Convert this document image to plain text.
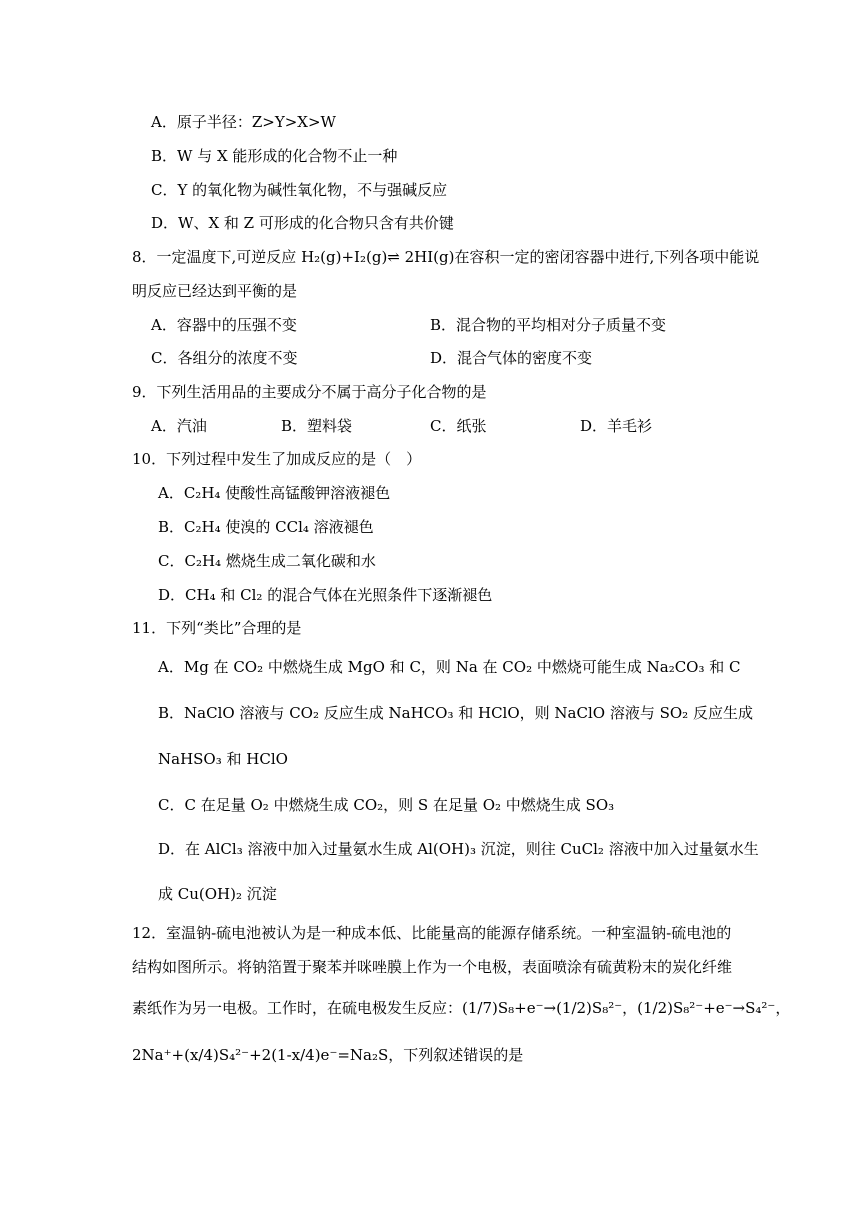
A．原子半径：Z>Y>X>W
B．W 与 X 能形成的化合物不止一种
C．Y 的氧化物为碱性氧化物，不与强碱反应
D．W、X 和 Z 可形成的化合物只含有共价键
8．一定温度下,可逆反应 H₂(g)+I₂(g)⇌ 2HI(g)在容积一定的密闭容器中进行,下列各项中能说
明反应已经达到平衡的是
A．容器中的压强不变	B．混合物的平均相对分子质量不变
C．各组分的浓度不变	D．混合气体的密度不变
9．下列生活用品的主要成分不属于高分子化合物的是
A．汽油	B．塑料袋	C．纸张	D．羊毛衫
10．下列过程中发生了加成反应的是（　）
A．C₂H₄ 使酸性高锰酸钾溶液褪色
B．C₂H₄ 使溴的 CCl₄ 溶液褪色
C．C₂H₄ 燃烧生成二氧化碳和水
D．CH₄ 和 Cl₂ 的混合气体在光照条件下逐渐褪色
11．下列“类比”合理的是
A．Mg 在 CO₂ 中燃烧生成 MgO 和 C，则 Na 在 CO₂ 中燃烧可能生成 Na₂CO₃ 和 C
B．NaClO 溶液与 CO₂ 反应生成 NaHCO₃ 和 HClO，则 NaClO 溶液与 SO₂ 反应生成
NaHSO₃ 和 HClO
C．C 在足量 O₂ 中燃烧生成 CO₂，则 S 在足量 O₂ 中燃烧生成 SO₃
D．在 AlCl₃ 溶液中加入过量氨水生成 Al(OH)₃ 沉淀，则往 CuCl₂ 溶液中加入过量氨水生
成 Cu(OH)₂ 沉淀
12．室温钠-硫电池被认为是一种成本低、比能量高的能源存储系统。一种室温钠-硫电池的
结构如图所示。将钠箔置于聚苯并咪唑膜上作为一个电极，表面喷涂有硫黄粉末的炭化纤维
素纸作为另一电极。工作时，在硫电极发生反应：(1/7)S₈+e⁻→(1/2)S₈²⁻，(1/2)S₈²⁻+e⁻→S₄²⁻，
2Na⁺+(x/4)S₄²⁻+2(1-x/4)e⁻=Na₂S，下列叙述错误的是
